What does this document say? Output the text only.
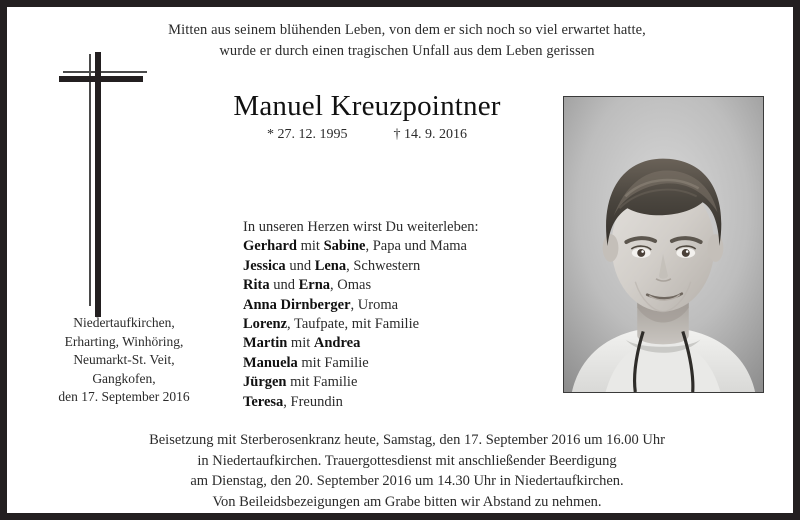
Mitten aus seinem blühenden Leben, von dem er sich noch so viel erwartet hatte,
wurde er durch einen tragischen Unfall aus dem Leben gerissen
Manuel Kreuzpointner
* 27. 12. 1995	† 14. 9. 2016
In unseren Herzen wirst Du weiterleben:
Gerhard mit Sabine, Papa und Mama
Jessica und Lena, Schwestern
Rita und Erna, Omas
Anna Dirnberger, Uroma
Lorenz, Taufpate, mit Familie
Martin mit Andrea
Manuela mit Familie
Jürgen mit Familie
Teresa, Freundin
Niedertaufkirchen,
Erharting, Winhöring,
Neumarkt-St. Veit,
Gangkofen,
den 17. September 2016
Beisetzung mit Sterberosenkranz heute, Samstag, den 17. September 2016 um 16.00 Uhr
in Niedertaufkirchen. Trauergottesdienst mit anschließender Beerdigung
am Dienstag, den 20. September 2016 um 14.30 Uhr in Niedertaufkirchen.
Von Beileidsbezeigungen am Grabe bitten wir Abstand zu nehmen.
